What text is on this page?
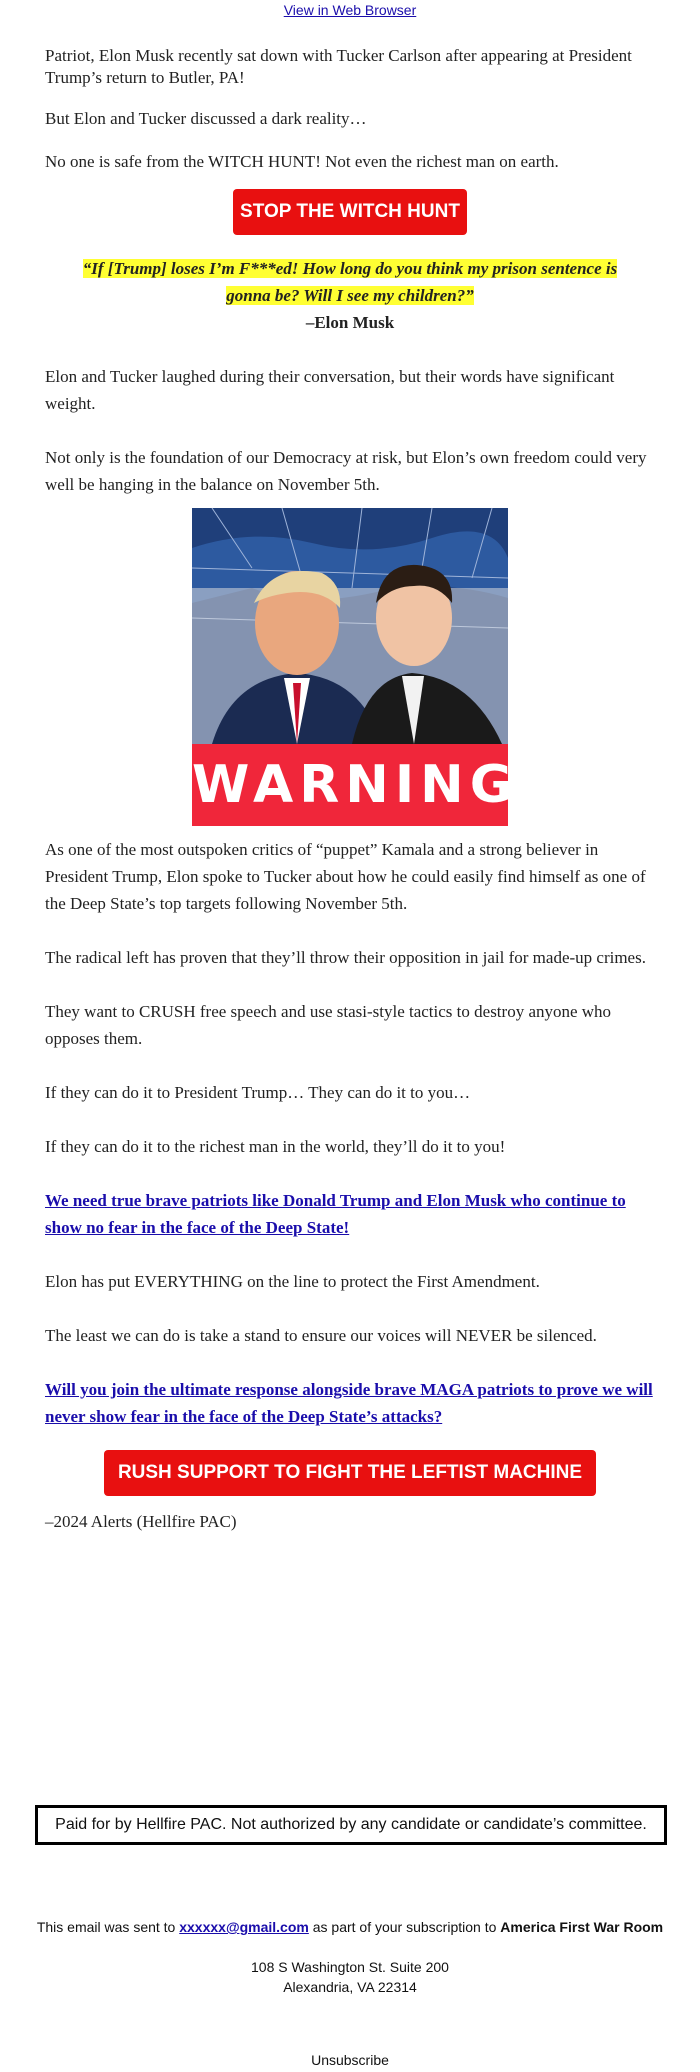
View in Web Browser

Patriot, Elon Musk recently sat down with Tucker Carlson after appearing at President Trump’s return to Butler, PA!

But Elon and Tucker discussed a dark reality…

No one is safe from the WITCH HUNT! Not even the richest man on earth.

STOP THE WITCH HUNT
“If [Trump] loses I’m F***ed! How long do you think my prison sentence is
gonna be? Will I see my children?”
–Elon Musk

Elon and Tucker laughed during their conversation, but their words have significant weight.

Not only is the foundation of our Democracy at risk, but Elon’s own freedom could very well be hanging in the balance on November 5th.

WARNING!

As one of the most outspoken critics of “puppet” Kamala and a strong believer in President Trump, Elon spoke to Tucker about how he could easily find himself as one of the Deep State’s top targets following November 5th.

The radical left has proven that they’ll throw their opposition in jail for made-up crimes.

They want to CRUSH free speech and use stasi-style tactics to destroy anyone who opposes them.

If they can do it to President Trump… They can do it to you…

If they can do it to the richest man in the world, they’ll do it to you!

We need true brave patriots like Donald Trump and Elon Musk who continue to show no fear in the face of the Deep State!

Elon has put EVERYTHING on the line to protect the First Amendment.

The least we can do is take a stand to ensure our voices will NEVER be silenced.

Will you join the ultimate response alongside brave MAGA patriots to prove we will never show fear in the face of the Deep State’s attacks?

RUSH SUPPORT TO FIGHT THE LEFTIST MACHINE

–2024 Alerts (Hellfire PAC)

Paid for by Hellfire PAC. Not authorized by any candidate or candidate’s committee.
This email was sent to xxxxxx@gmail.com as part of your subscription to America First War Room
108 S Washington St. Suite 200
Alexandria, VA 22314
Unsubscribe
